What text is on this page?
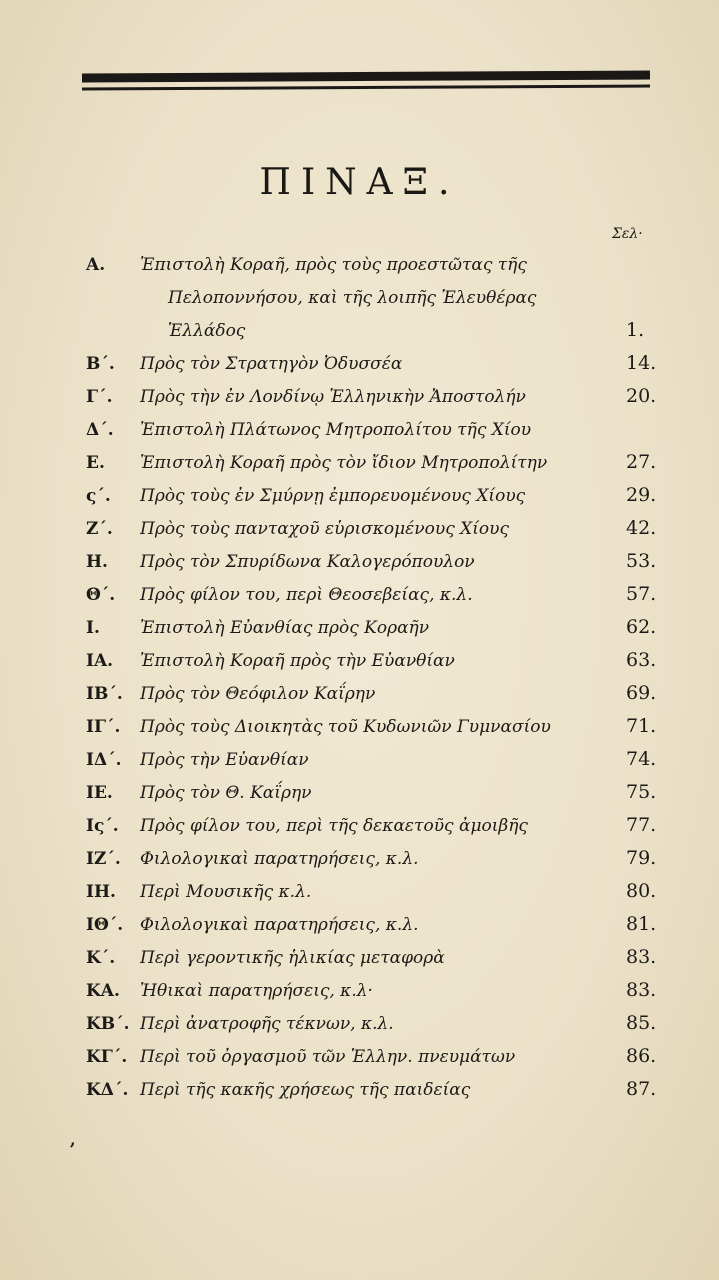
ΠΙΝΑΞ.
Σελ·
Α. Ἐπιστολὴ Κοραῆ, πρὸς τοὺς προεστῶτας τῆς
Πελοποννήσου, καὶ τῆς λοιπῆς Ἐλευθέρας
Ἑλλάδος	1.
Β΄. Πρὸς τὸν Στρατηγὸν Ὀδυσσέα	14.
Γ΄. Πρὸς τὴν ἐν Λονδίνῳ Ἑλληνικὴν Ἀποστολήν	20.
Δ΄. Ἐπιστολὴ Πλάτωνος Μητροπολίτου τῆς Χίου
Ε. Ἐπιστολὴ Κοραῆ πρὸς τὸν ἴδιον Μητροπολίτην	27.
ς΄. Πρὸς τοὺς ἐν Σμύρνῃ ἐμπορευομένους Χίους	29.
Ζ΄. Πρὸς τοὺς πανταχοῦ εὑρισκομένους Χίους	42.
Η. Πρὸς τὸν Σπυρίδωνα Καλογερόπουλον	53.
Θ΄. Πρὸς φίλον του, περὶ Θεοσεβείας, κ.λ.	57.
Ι. Ἐπιστολὴ Εὐανθίας πρὸς Κοραῆν	62.
ΙΑ. Ἐπιστολὴ Κοραῆ πρὸς τὴν Εὐανθίαν	63.
ΙΒ΄. Πρὸς τὸν Θεόφιλον Καΐρην	69.
ΙΓ΄. Πρὸς τοὺς Διοικητὰς τοῦ Κυδωνιῶν Γυμνασίου	71.
ΙΔ΄. Πρὸς τὴν Εὐανθίαν	74.
ΙΕ. Πρὸς τὸν Θ. Καΐρην	75.
Ις΄. Πρὸς φίλον του, περὶ τῆς δεκαετοῦς ἀμοιβῆς	77.
ΙΖ΄. Φιλολογικαὶ παρατηρήσεις, κ.λ.	79.
ΙΗ. Περὶ Μουσικῆς κ.λ.	80.
ΙΘ΄. Φιλολογικαὶ παρατηρήσεις, κ.λ.	81.
Κ΄. Περὶ γεροντικῆς ἡλικίας μεταφορὰ	83.
ΚΑ. Ἠθικαὶ παρατηρήσεις, κ.λ·	83.
ΚΒ΄. Περὶ ἀνατροφῆς τέκνων, κ.λ.	85.
ΚΓ΄. Περὶ τοῦ ὀργασμοῦ τῶν Ἑλλην. πνευμάτων	86.
ΚΔ΄. Περὶ τῆς κακῆς χρήσεως τῆς παιδείας	87.
,
